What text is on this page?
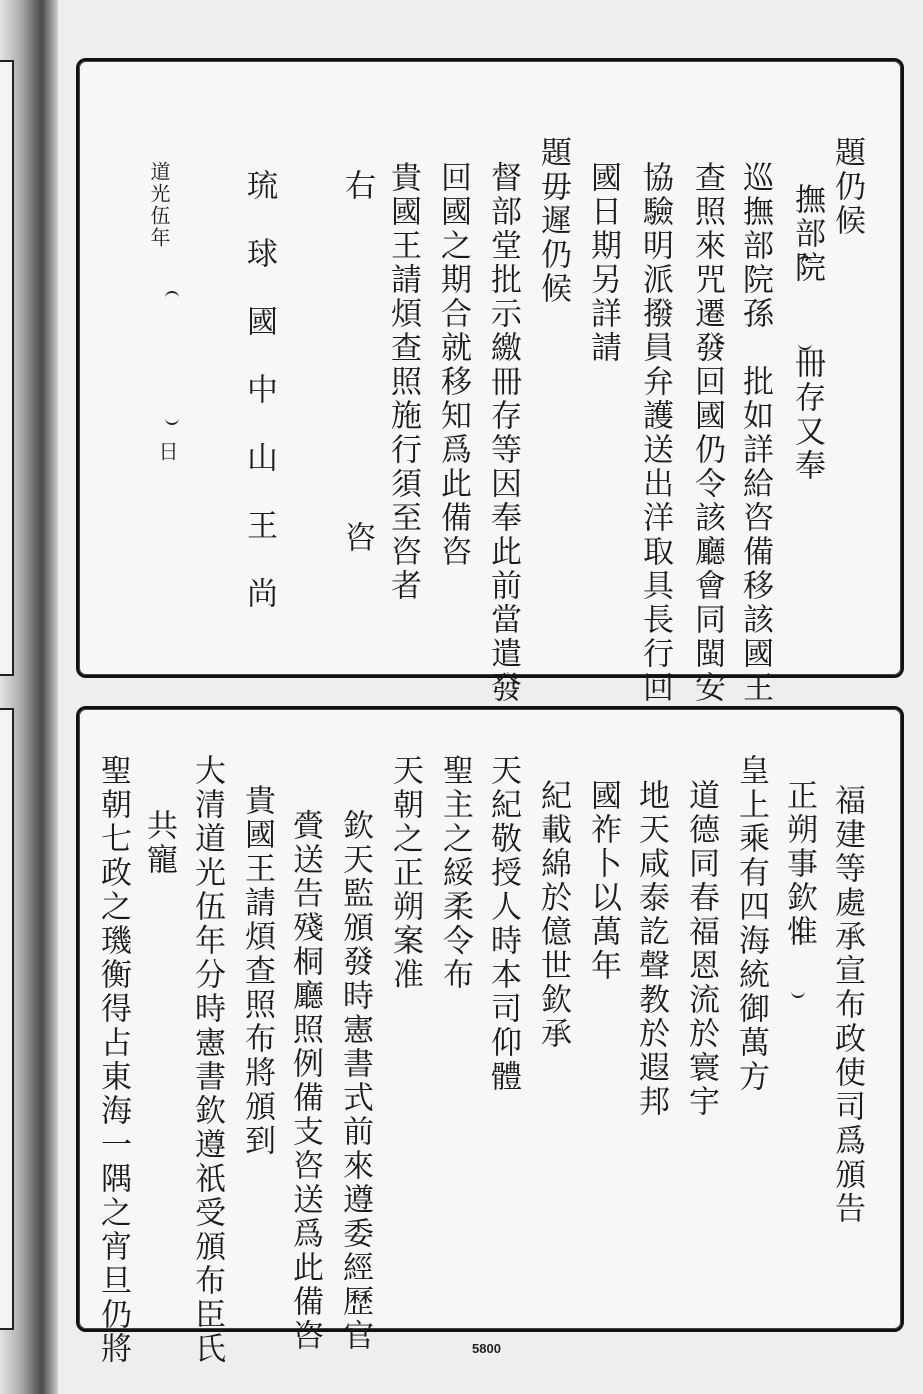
題仍候
撫部院
冊存又奉
巡撫部院孫　批如詳給咨備移該國王
查照來咒遷發回國仍令該廳會同閩安
協驗明派撥員弁護送出洋取具長行回
國日期另詳請
題毋遲仍候
督部堂批示繳冊存等因奉此前當遣發
回國之期合就移知爲此備咨
貴國王請煩查照施行須至咨者
右
咨
琉　球　國　中　山　王　尚
道光伍年
日
福建等處承宣布政使司爲頒告
正朔事欽惟
皇上乘有四海統御萬方
道德同春福恩流於寰宇
地天咸泰訖聲教於遐邦
國祚卜以萬年
紀載綿於億世欽承
天紀敬授人時本司仰體
聖主之綏柔令布
天朝之正朔案准
欽天監頒發時憲書式前來遵委經歷官
賫送告殘桐廳照例備支咨送爲此備咨
貴國王請煩查照布將頒到
大清道光伍年分時憲書欽遵祇受頒布臣氏
共寵
聖朝七政之璣衡得占東海一隅之宵旦仍將	5800
